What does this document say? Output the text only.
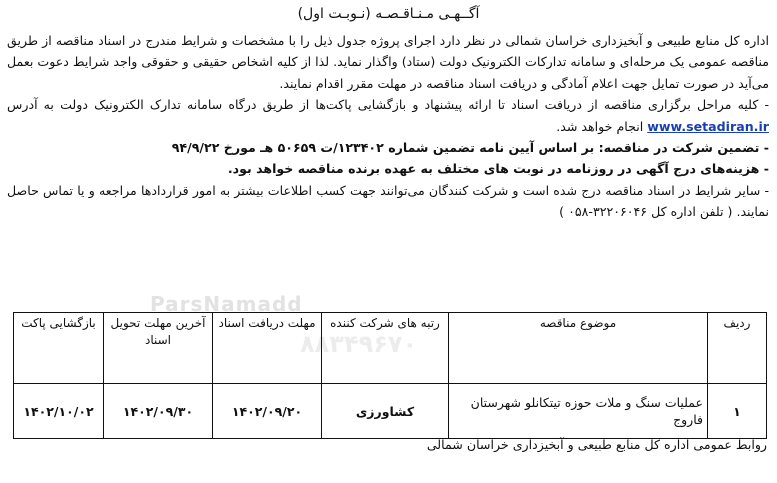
ParsNamadd
۸۸۳۴۹۶۷۰
آگــهـی مـنـاقـصـه (نـوبـت اول)

اداره کل منابع طبیعی و آبخیزداری خراسان شمالی در نظر دارد اجرای پروژه جدول ذیل را با مشخصات و شرایط مندرج در اسناد مناقصه از طریق مناقصه عمومی یک مرحله‌ای و سامانه تدارکات الکترونیک دولت (ستاد) واگذار نماید. لذا از کلیه اشخاص حقیقی و حقوقی واجد شرایط دعوت بعمل می‌آید در صورت تمایل جهت اعلام آمادگی و دریافت اسناد مناقصه در مهلت مقرر اقدام نمایند.

- کلیه مراحل برگزاری مناقصه از دریافت اسناد تا ارائه پیشنهاد و بازگشایی پاکت‌ها از طریق درگاه سامانه تدارک الکترونیک دولت به آدرس www.setadiran.ir انجام خواهد شد.

- تضمین شرکت در مناقصه: بر اساس آیین نامه تضمین شماره ۱۲۳۴۰۲/ت ۵۰۶۵۹ هـ مورخ ۹۴/۹/۲۲

- هزینه‌های درج آگهی در روزنامه در نوبت های مختلف به عهده برنده مناقصه خواهد بود.

- سایر شرایط در اسناد مناقصه درج شده است و شرکت کنندگان می‌توانند جهت کسب اطلاعات بیشتر به امور قراردادها مراجعه و یا تماس حاصل نمایند. ( تلفن اداره کل ۳۲۲۰۶۰۴۶-۰۵۸ )

ردیف	موضوع مناقصه	رتبه های شرکت کننده	مهلت دریافت اسناد	آخرین مهلت تحویل اسناد	بازگشایی پاکت
۱	عملیات سنگ و ملات حوزه تیتکانلو شهرستان فاروج	کشاورزی	۱۴۰۲/۰۹/۲۰	۱۴۰۲/۰۹/۳۰	۱۴۰۲/۱۰/۰۲
روابط عمومی اداره کل منابع طبیعی و آبخیزداری خراسان شمالی
